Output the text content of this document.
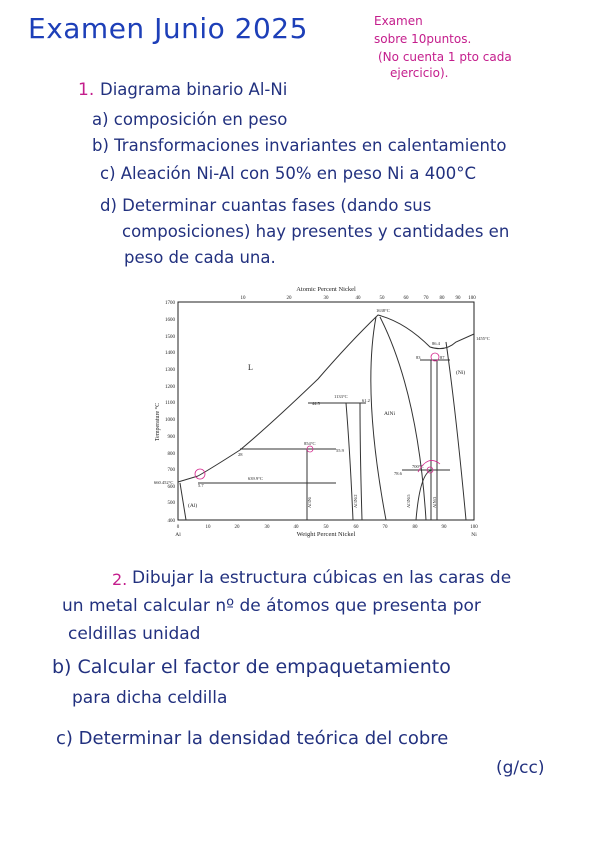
Examen Junio 2025	Examen
sobre 10puntos.
(No cuenta 1 pto cada
ejercicio).
1. Diagrama binario Al-Ni
a) composición en peso
b) Transformaciones invariantes en calentamiento
c) Aleación Ni-Al con 50% en peso Ni a 400°C
d) Determinar cuantas fases (dando sus
composiciones) hay presentes y cantidades en
peso de cada una.
Atomic Percent Nickel
10	20	30	40	50	60	70 80 90 100
1700
1600
1500
1400
1300
1200
1100
1000
900
800
700
600
500
400
Temperature °C
660.452°C
0	10	20	30	40	50	60	70	80	90	100
Al	Ni
Weight Percent Nickel
L
(Al)
(Ni)
AlNi
Al3Ni	Al3Ni2	Al3Ni5	AlNi3
1638°C
1455°C
1133°C
854°C
639.9°C
700°C
28
44.5
55.9
61.2
78.6
86.4
83	87
5.7
2. Dibujar la estructura cúbicas en las caras de
un metal calcular nº de átomos que presenta por
celdillas unidad
b) Calcular el factor de empaquetamiento
para dicha celdilla
c) Determinar la densidad teórica del cobre
(g/cc)
